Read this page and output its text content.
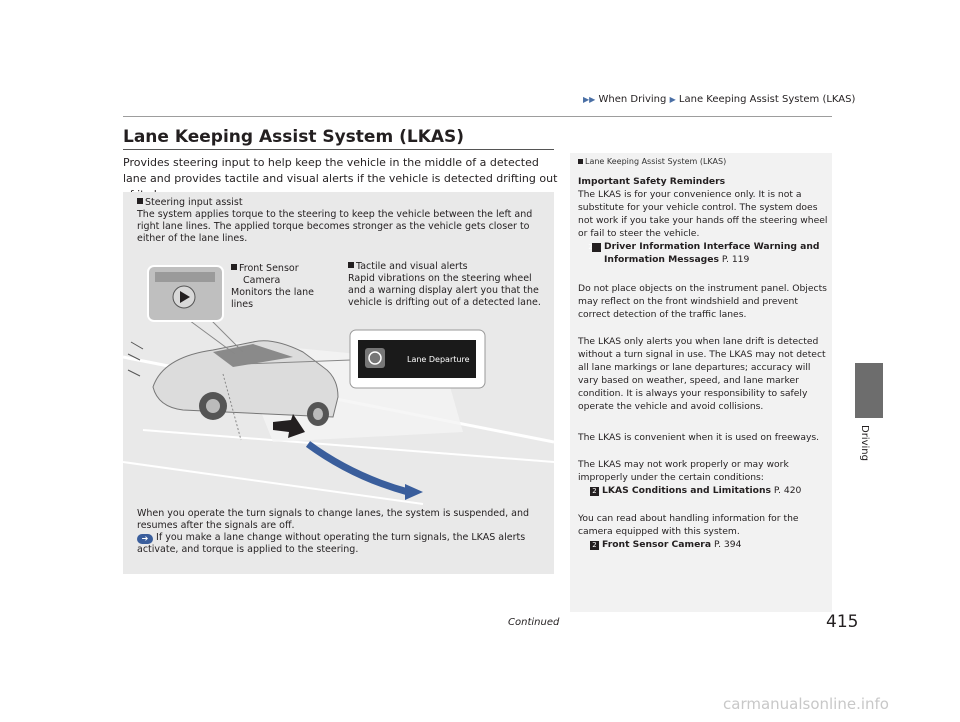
▶▶ When Driving ▶ Lane Keeping Assist System (LKAS)
Lane Keeping Assist System (LKAS)
Provides steering input to help keep the vehicle in the middle of a detected lane and provides tactile and visual alerts if the vehicle is detected drifting out
Driving
Steering input assist
The system applies torque to the steering to keep the vehicle between the left and right lane lines. The applied torque becomes stronger as the vehicle gets closer to either of the lane lines.
Lane Departure
Front Sensor
Camera
Monitors the lane lines
Tactile and visual alerts
Rapid vibrations on the steering wheel and a warning display alert you that the vehicle is drifting out of a detected lane.
When you operate the turn signals to change lanes, the system is suspended, and resumes after the signals are off.
➔ If you make a lane change without operating the turn signals, the LKAS alerts activate, and torque is applied to the steering.
Lane Keeping Assist System (LKAS)
Important Safety Reminders
The LKAS is for your convenience only. It is not a substitute for your vehicle control. The system does not work if you take your hands off the steering wheel or fail to steer the vehicle.
2 Driver Information Interface Warning and Information Messages P. 119
Do not place objects on the instrument panel. Objects may reflect on the front windshield and prevent correct detection of the traffic lanes.
The LKAS only alerts you when lane drift is detected without a turn signal in use. The LKAS may not detect all lane markings or lane departures; accuracy will vary based on weather, speed, and lane marker condition. It is always your responsibility to safely operate the vehicle and avoid collisions.
The LKAS is convenient when it is used on freeways.
The LKAS may not work properly or may work improperly under the certain conditions:
2 LKAS Conditions and Limitations P. 420
You can read about handling information for the camera equipped with this system.
2 Front Sensor Camera P. 394
Continued	415
carmanualsonline.info
